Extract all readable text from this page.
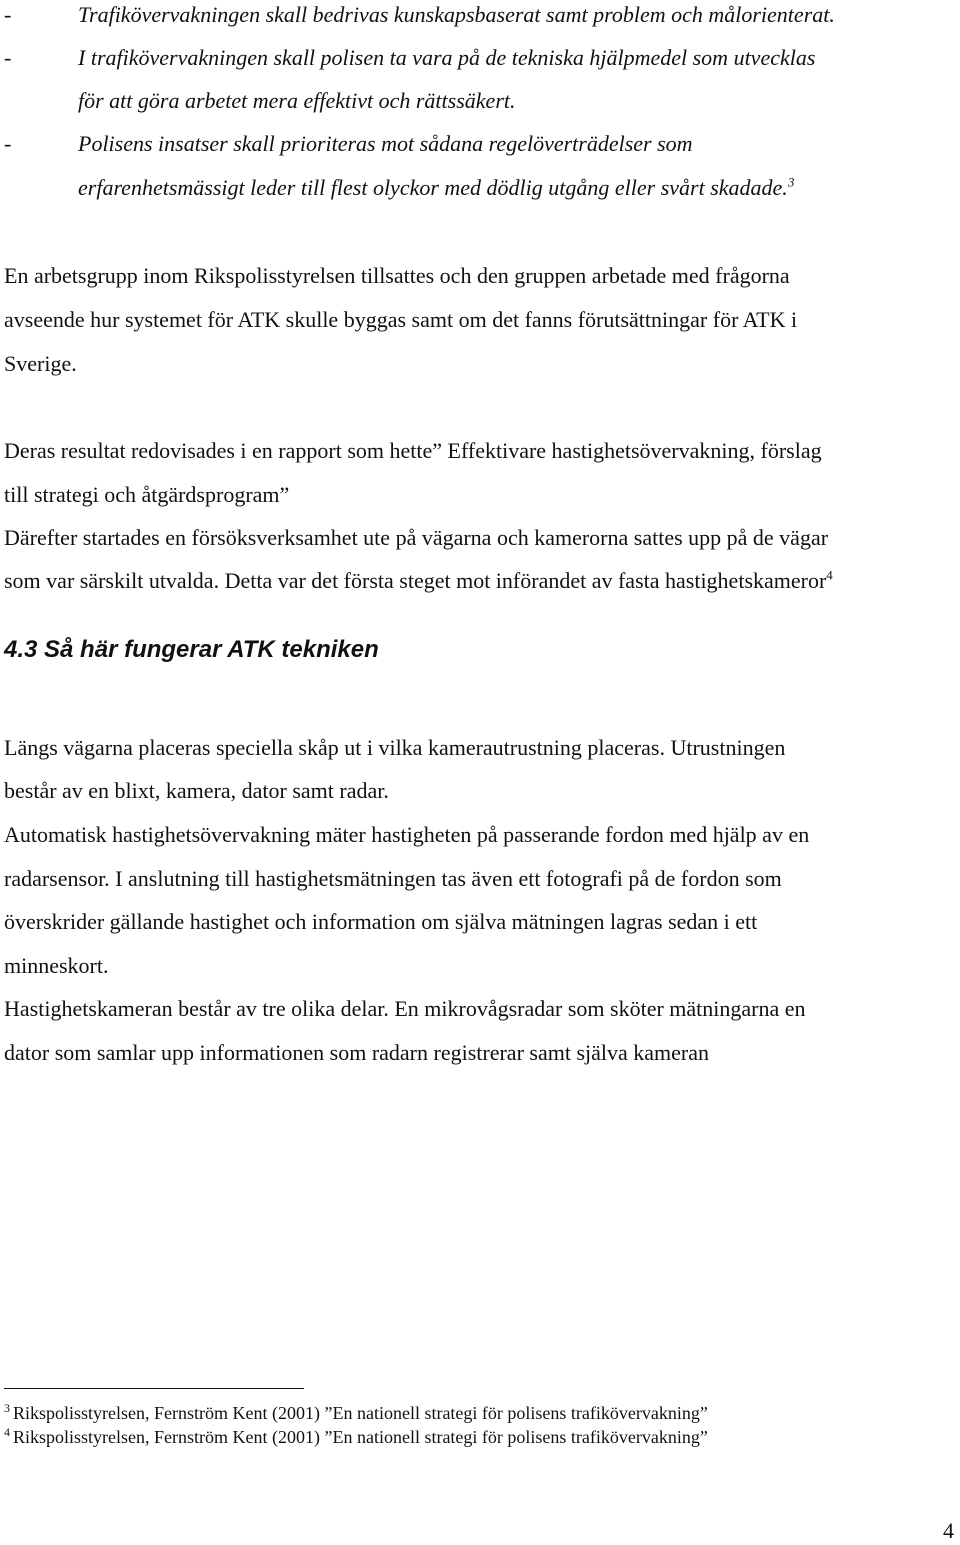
-	Trafikövervakningen skall bedrivas kunskapsbaserat samt problem och målorienterat.
-	I trafikövervakningen skall polisen ta vara på de tekniska hjälpmedel som utvecklas
för att göra arbetet mera effektivt och rättssäkert.
-	Polisens insatser skall prioriteras mot sådana regelöverträdelser som
erfarenhetsmässigt leder till flest olyckor med dödlig utgång eller svårt skadade.$^3$
En arbetsgrupp inom Rikspolisstyrelsen tillsattes och den gruppen arbetade med frågorna
avseende hur systemet för ATK skulle byggas samt om det fanns förutsättningar för ATK i
Sverige.
Deras resultat redovisades i en rapport som hette” Effektivare hastighetsövervakning, förslag
till strategi och åtgärdsprogram”
Därefter startades en försöksverksamhet ute på vägarna och kamerorna sattes upp på de vägar
som var särskilt utvalda. Detta var det första steget mot införandet av fasta hastighetskameror$^4$
4.3 Så här fungerar ATK tekniken
Längs vägarna placeras speciella skåp ut i vilka kamerautrustning placeras. Utrustningen
består av en blixt, kamera, dator samt radar.
Automatisk hastighetsövervakning mäter hastigheten på passerande fordon med hjälp av en
radarsensor. I anslutning till hastighetsmätningen tas även ett fotografi på de fordon som
överskrider gällande hastighet och information om själva mätningen lagras sedan i ett
minneskort.
Hastighetskameran består av tre olika delar. En mikrovågsradar som sköter mätningarna en
dator som samlar upp informationen som radarn registrerar samt själva kameran
$^3$ Rikspolisstyrelsen, Fernström Kent (2001) ”En nationell strategi för polisens trafikövervakning”
$^4$ Rikspolisstyrelsen, Fernström Kent (2001) ”En nationell strategi för polisens trafikövervakning”
4
